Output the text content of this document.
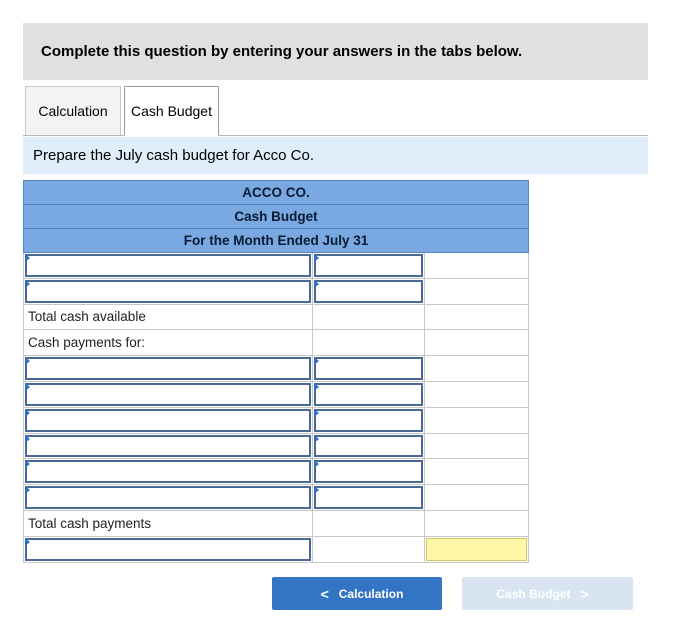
Complete this question by entering your answers in the tabs below.
Calculation	Cash Budget
Prepare the July cash budget for Acco Co.
ACCO CO.
Cash Budget
For the Month Ended July 31
Total cash available
Cash payments for:
Total cash payments
< Calculation	Cash Budget >
